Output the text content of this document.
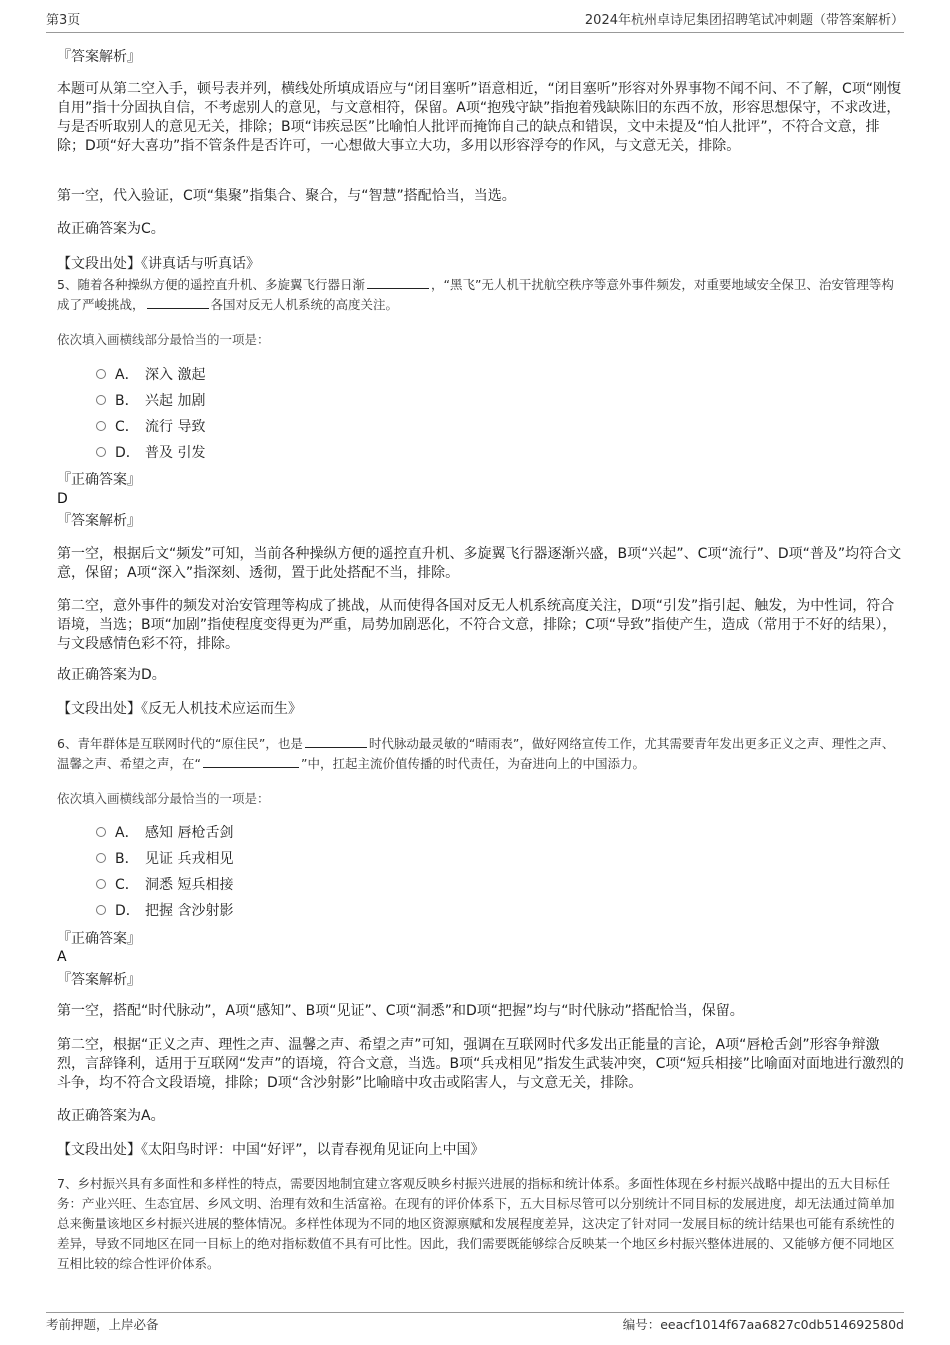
第3页	2024年杭州卓诗尼集团招聘笔试冲刺题（带答案解析）
『答案解析』

本题可从第二空入手，顿号表并列，横线处所填成语应与“闭目塞听”语意相近，“闭目塞听”形容对外界事物不闻不问、不了解，C项“刚愎自用”指十分固执自信，不考虑别人的意见，与文意相符，保留。A项“抱残守缺”指抱着残缺陈旧的东西不放，形容思想保守，不求改进，与是否听取别人的意见无关，排除；B项“讳疾忌医”比喻怕人批评而掩饰自己的缺点和错误，文中未提及“怕人批评”，不符合文意，排除；D项“好大喜功”指不管条件是否许可，一心想做大事立大功，多用以形容浮夸的作风，与文意无关，排除。

第一空，代入验证，C项“集聚”指集合、聚合，与“智慧”搭配恰当，当选。

故正确答案为C。

【文段出处】《讲真话与听真话》

5、随着各种操纵方便的遥控直升机、多旋翼飞行器日渐	，“黑飞”无人机干扰航空秩序等意外事件频发，对重要地域安全保卫、治安管理等构成了严峻挑战，	各国对反无人机系统的高度关注。

依次填入画横线部分最恰当的一项是：
A． 深入 激起
B． 兴起 加剧
C． 流行 导致
D． 普及 引发
『正确答案』
D
『答案解析』

第一空，根据后文“频发”可知，当前各种操纵方便的遥控直升机、多旋翼飞行器逐渐兴盛，B项“兴起”、C项“流行”、D项“普及”均符合文意，保留；A项“深入”指深刻、透彻，置于此处搭配不当，排除。

第二空，意外事件的频发对治安管理等构成了挑战，从而使得各国对反无人机系统高度关注，D项“引发”指引起、触发，为中性词，符合语境，当选；B项“加剧”指使程度变得更为严重，局势加剧恶化，不符合文意，排除；C项“导致”指使产生，造成（常用于不好的结果），与文段感情色彩不符，排除。

故正确答案为D。

【文段出处】《反无人机技术应运而生》

6、青年群体是互联网时代的“原住民”，也是	时代脉动最灵敏的“晴雨表”，做好网络宣传工作，尤其需要青年发出更多正义之声、理性之声、温馨之声、希望之声，在“	”中，扛起主流价值传播的时代责任，为奋进向上的中国添力。

依次填入画横线部分最恰当的一项是：
A． 感知 唇枪舌剑
B． 见证 兵戎相见
C． 洞悉 短兵相接
D． 把握 含沙射影
『正确答案』
A
『答案解析』

第一空，搭配“时代脉动”，A项“感知”、B项“见证”、C项“洞悉”和D项“把握”均与“时代脉动”搭配恰当，保留。

第二空，根据“正义之声、理性之声、温馨之声、希望之声”可知，强调在互联网时代多发出正能量的言论，A项“唇枪舌剑”形容争辩激烈，言辞锋利，适用于互联网“发声”的语境，符合文意，当选。B项“兵戎相见”指发生武装冲突，C项“短兵相接”比喻面对面地进行激烈的斗争，均不符合文段语境，排除；D项“含沙射影”比喻暗中攻击或陷害人，与文意无关，排除。

故正确答案为A。

【文段出处】《太阳鸟时评：中国“好评”，以青春视角见证向上中国》

7、乡村振兴具有多面性和多样性的特点，需要因地制宜建立客观反映乡村振兴进展的指标和统计体系。多面性体现在乡村振兴战略中提出的五大目标任务：产业兴旺、生态宜居、乡风文明、治理有效和生活富裕。在现有的评价体系下，五大目标尽管可以分别统计不同目标的发展进度，却无法通过简单加总来衡量该地区乡村振兴进展的整体情况。多样性体现为不同的地区资源禀赋和发展程度差异，这决定了针对同一发展目标的统计结果也可能有系统性的差异，导致不同地区在同一目标上的绝对指标数值不具有可比性。因此，我们需要既能够综合反映某一个地区乡村振兴整体进展的、又能够方便不同地区互相比较的综合性评价体系。

考前押题，上岸必备	编号：eeacf1014f67aa6827c0db514692580d
